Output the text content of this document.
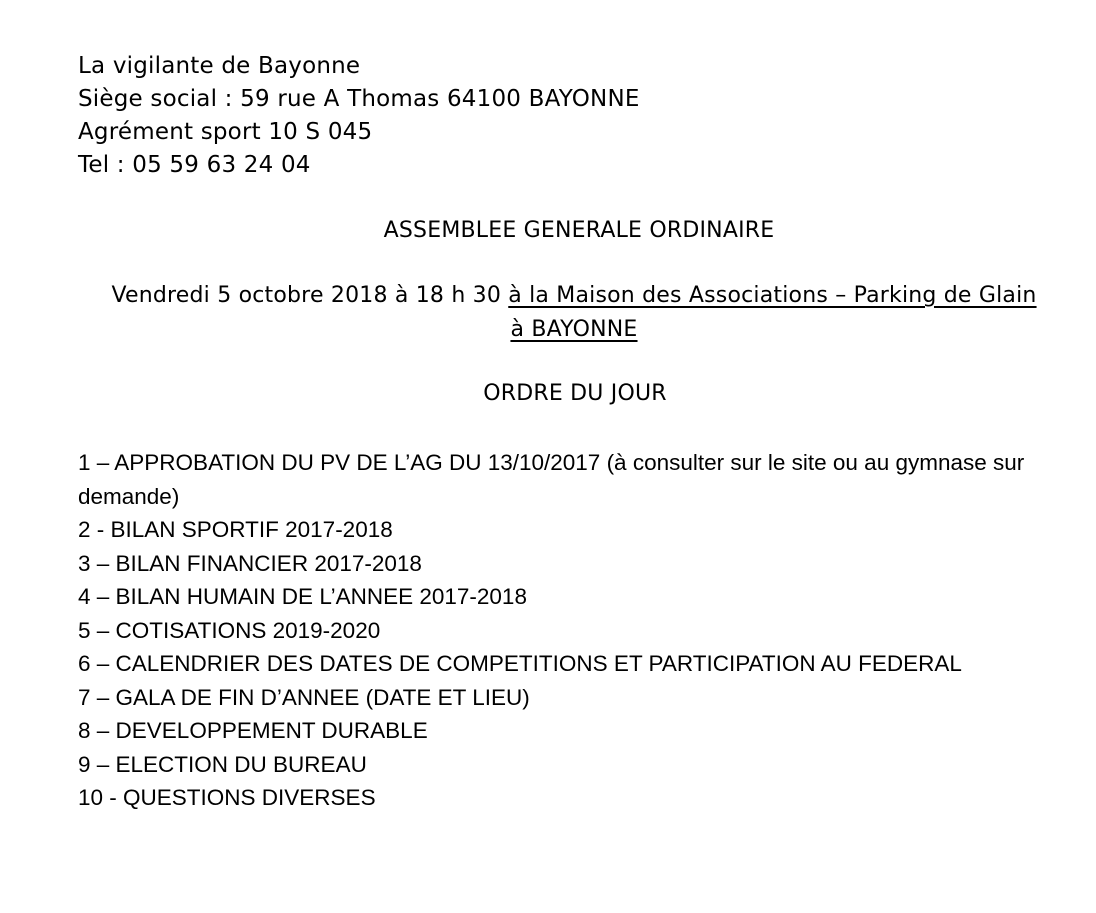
La vigilante de Bayonne
Siège social : 59 rue A Thomas 64100 BAYONNE
Agrément sport 10 S 045
Tel : 05 59 63 24 04
ASSEMBLEE GENERALE ORDINAIRE
Vendredi 5 octobre 2018 à 18 h 30 à la Maison des Associations – Parking de Glain
à BAYONNE
ORDRE DU JOUR
1 – APPROBATION DU PV DE L’AG DU 13/10/2017 (à consulter sur le site ou au gymnase sur demande)
2 - BILAN SPORTIF 2017-2018
3 – BILAN FINANCIER 2017-2018
4 – BILAN HUMAIN DE L’ANNEE 2017-2018
5 – COTISATIONS 2019-2020
6 – CALENDRIER DES DATES DE COMPETITIONS ET PARTICIPATION AU FEDERAL
7 – GALA DE FIN D’ANNEE (DATE ET LIEU)
8 – DEVELOPPEMENT DURABLE
9 – ELECTION DU BUREAU
10 - QUESTIONS DIVERSES
